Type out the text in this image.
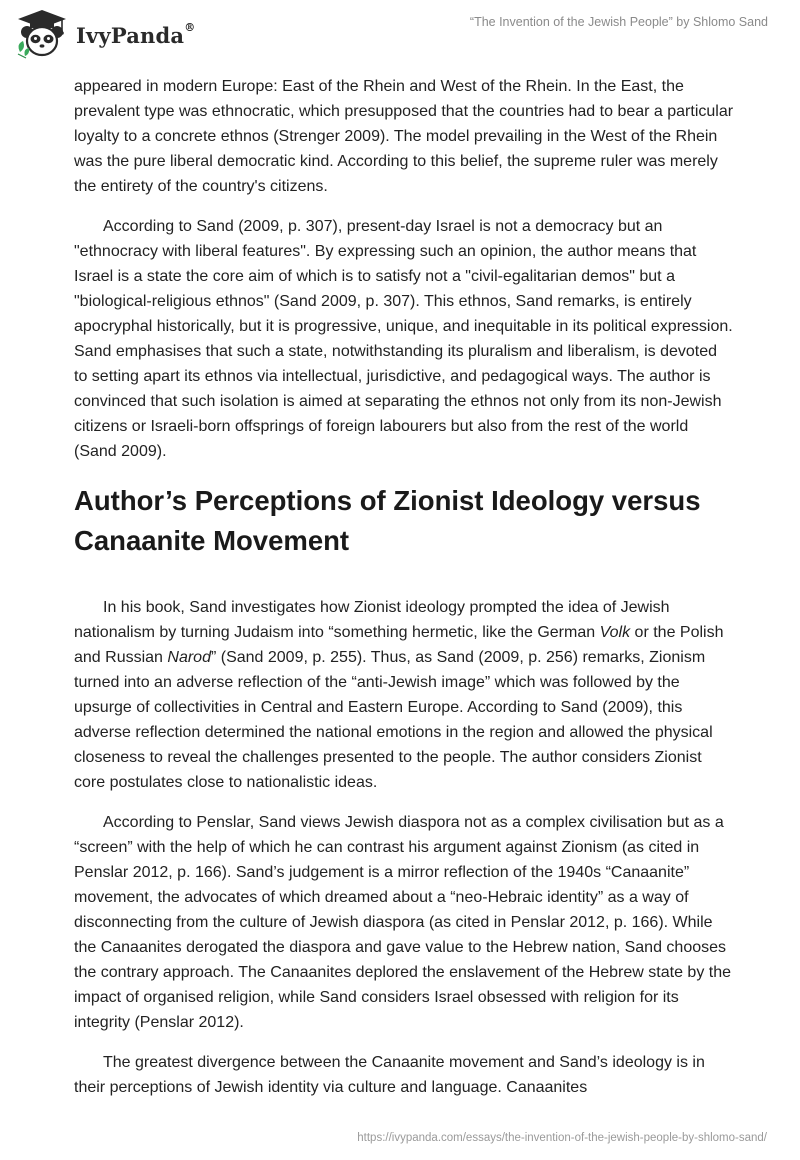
IvyPanda®	“The Invention of the Jewish People” by Shlomo Sand

appeared in modern Europe: East of the Rhein and West of the Rhein. In the East, the prevalent type was ethnocratic, which presupposed that the countries had to bear a particular loyalty to a concrete ethnos (Strenger 2009). The model prevailing in the West of the Rhein was the pure liberal democratic kind. According to this belief, the supreme ruler was merely the entirety of the country's citizens.

According to Sand (2009, p. 307), present-day Israel is not a democracy but an "ethnocracy with liberal features". By expressing such an opinion, the author means that Israel is a state the core aim of which is to satisfy not a "civil-egalitarian demos" but a "biological-religious ethnos" (Sand 2009, p. 307). This ethnos, Sand remarks, is entirely apocryphal historically, but it is progressive, unique, and inequitable in its political expression. Sand emphasises that such a state, notwithstanding its pluralism and liberalism, is devoted to setting apart its ethnos via intellectual, jurisdictive, and pedagogical ways. The author is convinced that such isolation is aimed at separating the ethnos not only from its non-Jewish citizens or Israeli-born offsprings of foreign labourers but also from the rest of the world (Sand 2009).

Author’s Perceptions of Zionist Ideology versus Canaanite Movement

In his book, Sand investigates how Zionist ideology prompted the idea of Jewish nationalism by turning Judaism into “something hermetic, like the German Volk or the Polish and Russian Narod” (Sand 2009, p. 255). Thus, as Sand (2009, p. 256) remarks, Zionism turned into an adverse reflection of the “anti-Jewish image” which was followed by the upsurge of collectivities in Central and Eastern Europe. According to Sand (2009), this adverse reflection determined the national emotions in the region and allowed the physical closeness to reveal the challenges presented to the people. The author considers Zionist core postulates close to nationalistic ideas.

According to Penslar, Sand views Jewish diaspora not as a complex civilisation but as a “screen” with the help of which he can contrast his argument against Zionism (as cited in Penslar 2012, p. 166). Sand’s judgement is a mirror reflection of the 1940s “Canaanite” movement, the advocates of which dreamed about a “neo-Hebraic identity” as a way of disconnecting from the culture of Jewish diaspora (as cited in Penslar 2012, p. 166). While the Canaanites derogated the diaspora and gave value to the Hebrew nation, Sand chooses the contrary approach. The Canaanites deplored the enslavement of the Hebrew state by the impact of organised religion, while Sand considers Israel obsessed with religion for its integrity (Penslar 2012).

The greatest divergence between the Canaanite movement and Sand’s ideology is in their perceptions of Jewish identity via culture and language. Canaanites

https://ivypanda.com/essays/the-invention-of-the-jewish-people-by-shlomo-sand/
